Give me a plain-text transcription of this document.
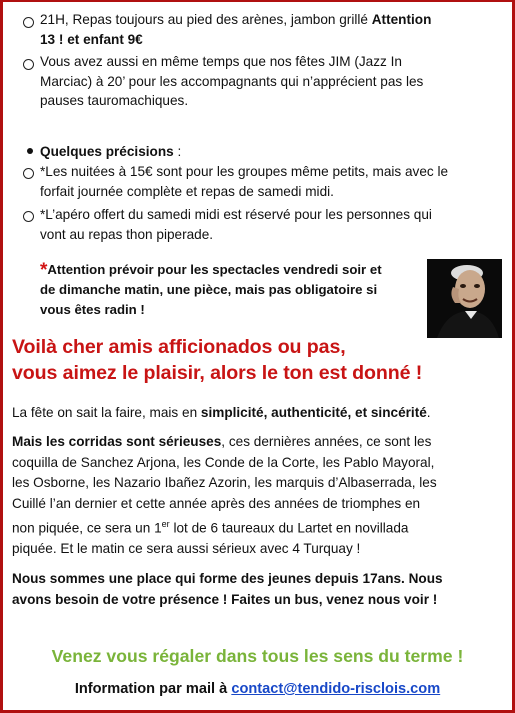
21H, Repas toujours au pied des arènes, jambon grillé Attention
13 ! et enfant 9€
Vous avez aussi en même temps que nos fêtes JIM (Jazz In
Marciac) à 20’ pour les accompagnants qui n’apprécient pas les
pauses tauromachiques.
Quelques précisions :
*Les nuitées à 15€ sont pour les groupes même petits, mais avec le
forfait journée complète et repas de samedi midi.
*L’apéro offert du samedi midi est réservé pour les personnes qui
vont au repas thon piperade.
*Attention prévoir pour les spectacles vendredi soir et
de dimanche matin, une pièce, mais pas obligatoire si
vous êtes radin !
Voilà cher amis afficionados ou pas,
vous aimez le plaisir, alors le ton est donné !
La fête on sait la faire, mais en simplicité, authenticité, et sincérité.
Mais les corridas sont sérieuses, ces dernières années, ce sont les
coquilla de Sanchez Arjona, les Conde de la Corte, les Pablo Mayoral,
les Osborne, les Nazario Ibañez Azorin, les marquis d’Albaserrada, les
Cuillé l’an dernier et cette année après des années de triomphes en
non piquée, ce sera un 1er lot de 6 taureaux du Lartet en novillada
piquée. Et le matin ce sera aussi sérieux avec 4 Turquay !
Nous sommes une place qui forme des jeunes depuis 17ans. Nous
avons besoin de votre présence ! Faites un bus, venez nous voir !
Venez vous régaler dans tous les sens du terme !
Information par mail à contact@tendido-risclois.com
